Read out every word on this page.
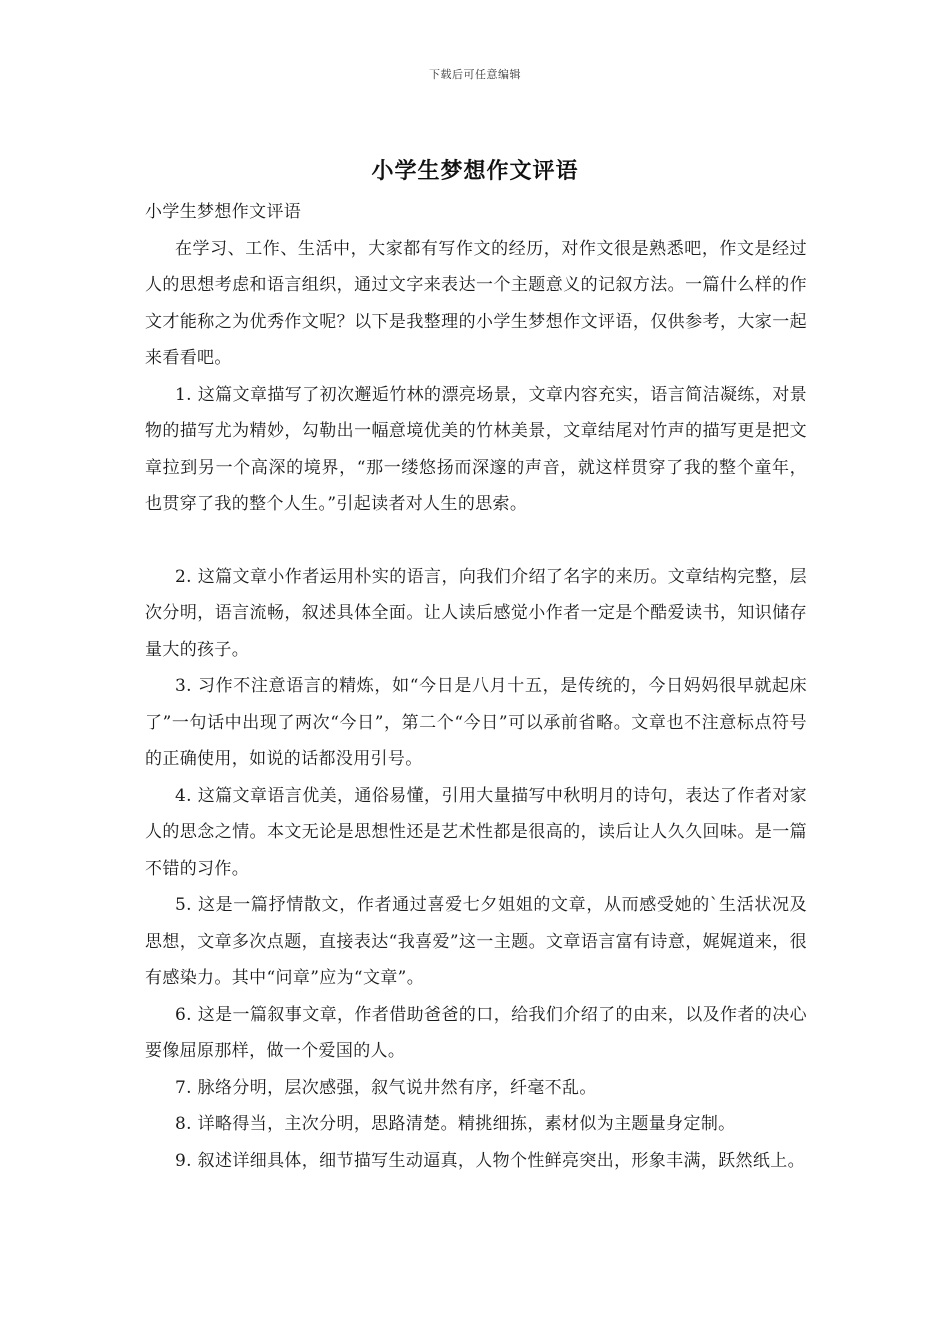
下载后可任意编辑
小学生梦想作文评语

小学生梦想作文评语

在学习、工作、生活中，大家都有写作文的经历，对作文很是熟悉吧，作文是经过人的思想考虑和语言组织，通过文字来表达一个主题意义的记叙方法。一篇什么样的作文才能称之为优秀作文呢？以下是我整理的小学生梦想作文评语，仅供参考，大家一起来看看吧。

1. 这篇文章描写了初次邂逅竹林的漂亮场景，文章内容充实，语言简洁凝练，对景物的描写尤为精妙，勾勒出一幅意境优美的竹林美景，文章结尾对竹声的描写更是把文章拉到另一个高深的境界，“那一缕悠扬而深邃的声音，就这样贯穿了我的整个童年，也贯穿了我的整个人生。”引起读者对人生的思索。

2. 这篇文章小作者运用朴实的语言，向我们介绍了名字的来历。文章结构完整，层次分明，语言流畅，叙述具体全面。让人读后感觉小作者一定是个酷爱读书，知识储存量大的孩子。

3. 习作不注意语言的精炼，如“今日是八月十五，是传统的，今日妈妈很早就起床了”一句话中出现了两次“今日”，第二个“今日”可以承前省略。文章也不注意标点符号的正确使用，如说的话都没用引号。

4. 这篇文章语言优美，通俗易懂，引用大量描写中秋明月的诗句，表达了作者对家人的思念之情。本文无论是思想性还是艺术性都是很高的，读后让人久久回味。是一篇不错的习作。

5. 这是一篇抒情散文，作者通过喜爱七夕姐姐的文章，从而感受她的`生活状况及思想，文章多次点题，直接表达“我喜爱”这一主题。文章语言富有诗意，娓娓道来，很有感染力。其中“问章”应为“文章”。

6. 这是一篇叙事文章，作者借助爸爸的口，给我们介绍了的由来，以及作者的决心要像屈原那样，做一个爱国的人。

7. 脉络分明，层次感强，叙气说井然有序，纤毫不乱。

8. 详略得当，主次分明，思路清楚。精挑细拣，素材似为主题量身定制。

9. 叙述详细具体，细节描写生动逼真，人物个性鲜亮突出，形象丰满，跃然纸上。
